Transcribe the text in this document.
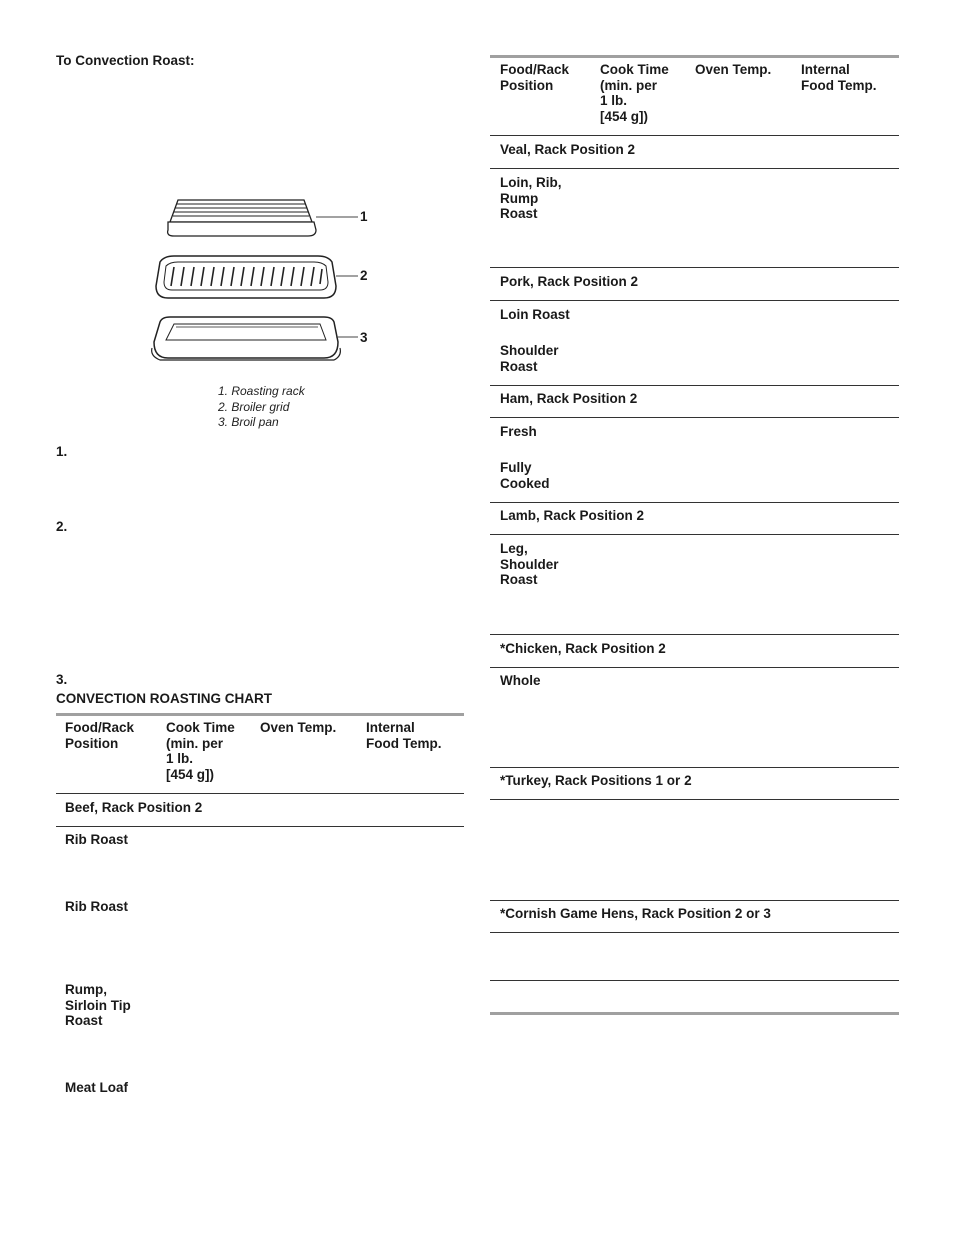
To Convection Roast:
1
2
3
1. Roasting rack
2. Broiler grid
3. Broil pan
1.
2.
3.
CONVECTION ROASTING CHART
Food/Rack
Position
Cook Time
(min. per
1 lb.
[454 g])
Oven Temp. Internal
Food Temp.
Beef, Rack Position 2
Rib Roast
Rib Roast
Rump,
Sirloin Tip
Roast
Meat Loaf
Food/Rack
Position
Cook Time
(min. per
1 lb.
[454 g])
Oven Temp. Internal
Food Temp.
Veal, Rack Position 2
Loin, Rib,
Rump
Roast
Pork, Rack Position 2
Loin Roast
Shoulder
Roast
Ham, Rack Position 2
Fresh
Fully
Cooked
Lamb, Rack Position 2
Leg,
Shoulder
Roast
*Chicken, Rack Position 2
Whole
*Turkey, Rack Positions 1 or 2
*Cornish Game Hens, Rack Position 2 or 3
